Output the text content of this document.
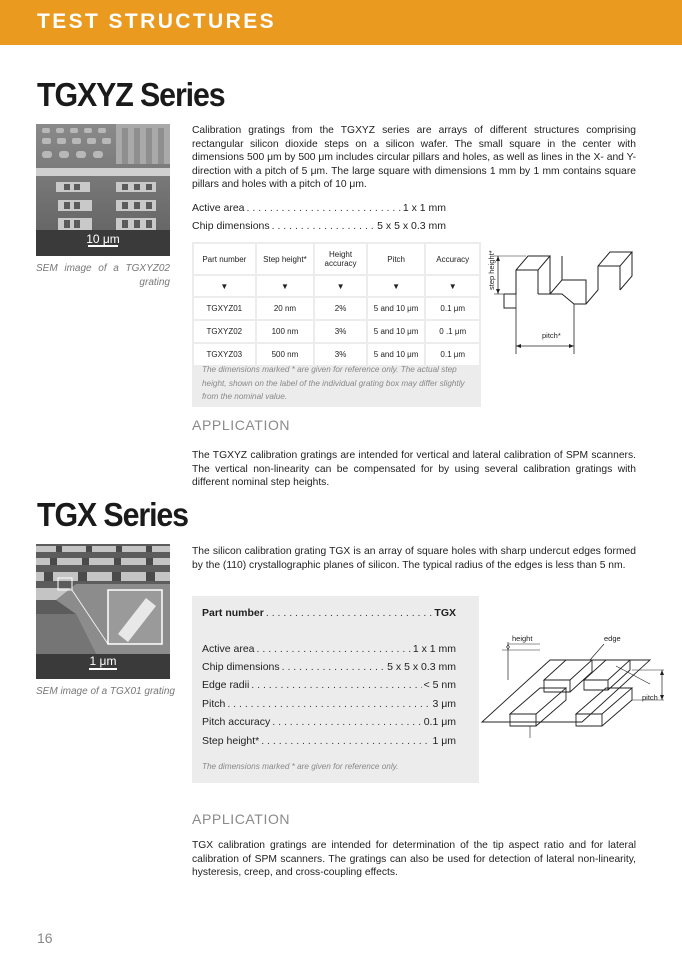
TEST STRUCTURES
TGXYZ Series
10 μm
SEM image of a TGXYZ02 grating
Calibration gratings from the TGXYZ series are arrays of different structures comprising rectangular silicon dioxide steps on a silicon wafer. The small square in the center with dimensions 500 μm by 500 μm includes circular pillars and holes, as well as lines in the X- and Y-direction with a pitch of 5 μm. The large square with dimensions 1 mm by 1 mm contains square pillars and holes with a pitch of 10 μm.
Active area . . .	1 x 1 mm
Chip dimensions . . .	5 x 5 x 0.3 mm
Part number	Step height*	Height accuracy	Pitch	Accuracy
▼	▼	▼	▼	▼
TGXYZ01	20 nm	2%	5 and 10 μm	0.1 μm
TGXYZ02	100 nm	3%	5 and 10 μm	0 .1 μm
TGXYZ03	500 nm	3%	5 and 10 μm	0.1 μm
The dimensions marked * are given for reference only. The actual step height, shown on the label of the individual grating box may differ slightly from the nominal value.
step height*
pitch*
APPLICATION
The TGXYZ calibration gratings are intended for vertical and lateral calibration of SPM scanners. The vertical non-linearity can be compensated for by using several calibration gratings with different nominal step heights.
TGX Series
1 μm
SEM image of a TGX01 grating
The silicon calibration grating TGX is an array of square holes with sharp undercut edges formed by the (110) crystallographic planes of silicon. The typical radius of the edges is less than 5 nm.
Part number . . .	TGX
Active area . . .	1 x 1 mm
Chip dimensions . . .	5 x 5 x 0.3 mm
Edge radii . . .	< 5 nm
Pitch . . .	3 μm
Pitch accuracy . . .	0.1 μm
Step height* . . .	1 μm
The dimensions marked * are given for reference only.
height	edge
pitch
APPLICATION
TGX calibration gratings are intended for determination of the tip aspect ratio and for lateral calibration of SPM scanners. The gratings can also be used for detection of lateral non-linearity, hysteresis, creep, and cross-coupling effects.
16
